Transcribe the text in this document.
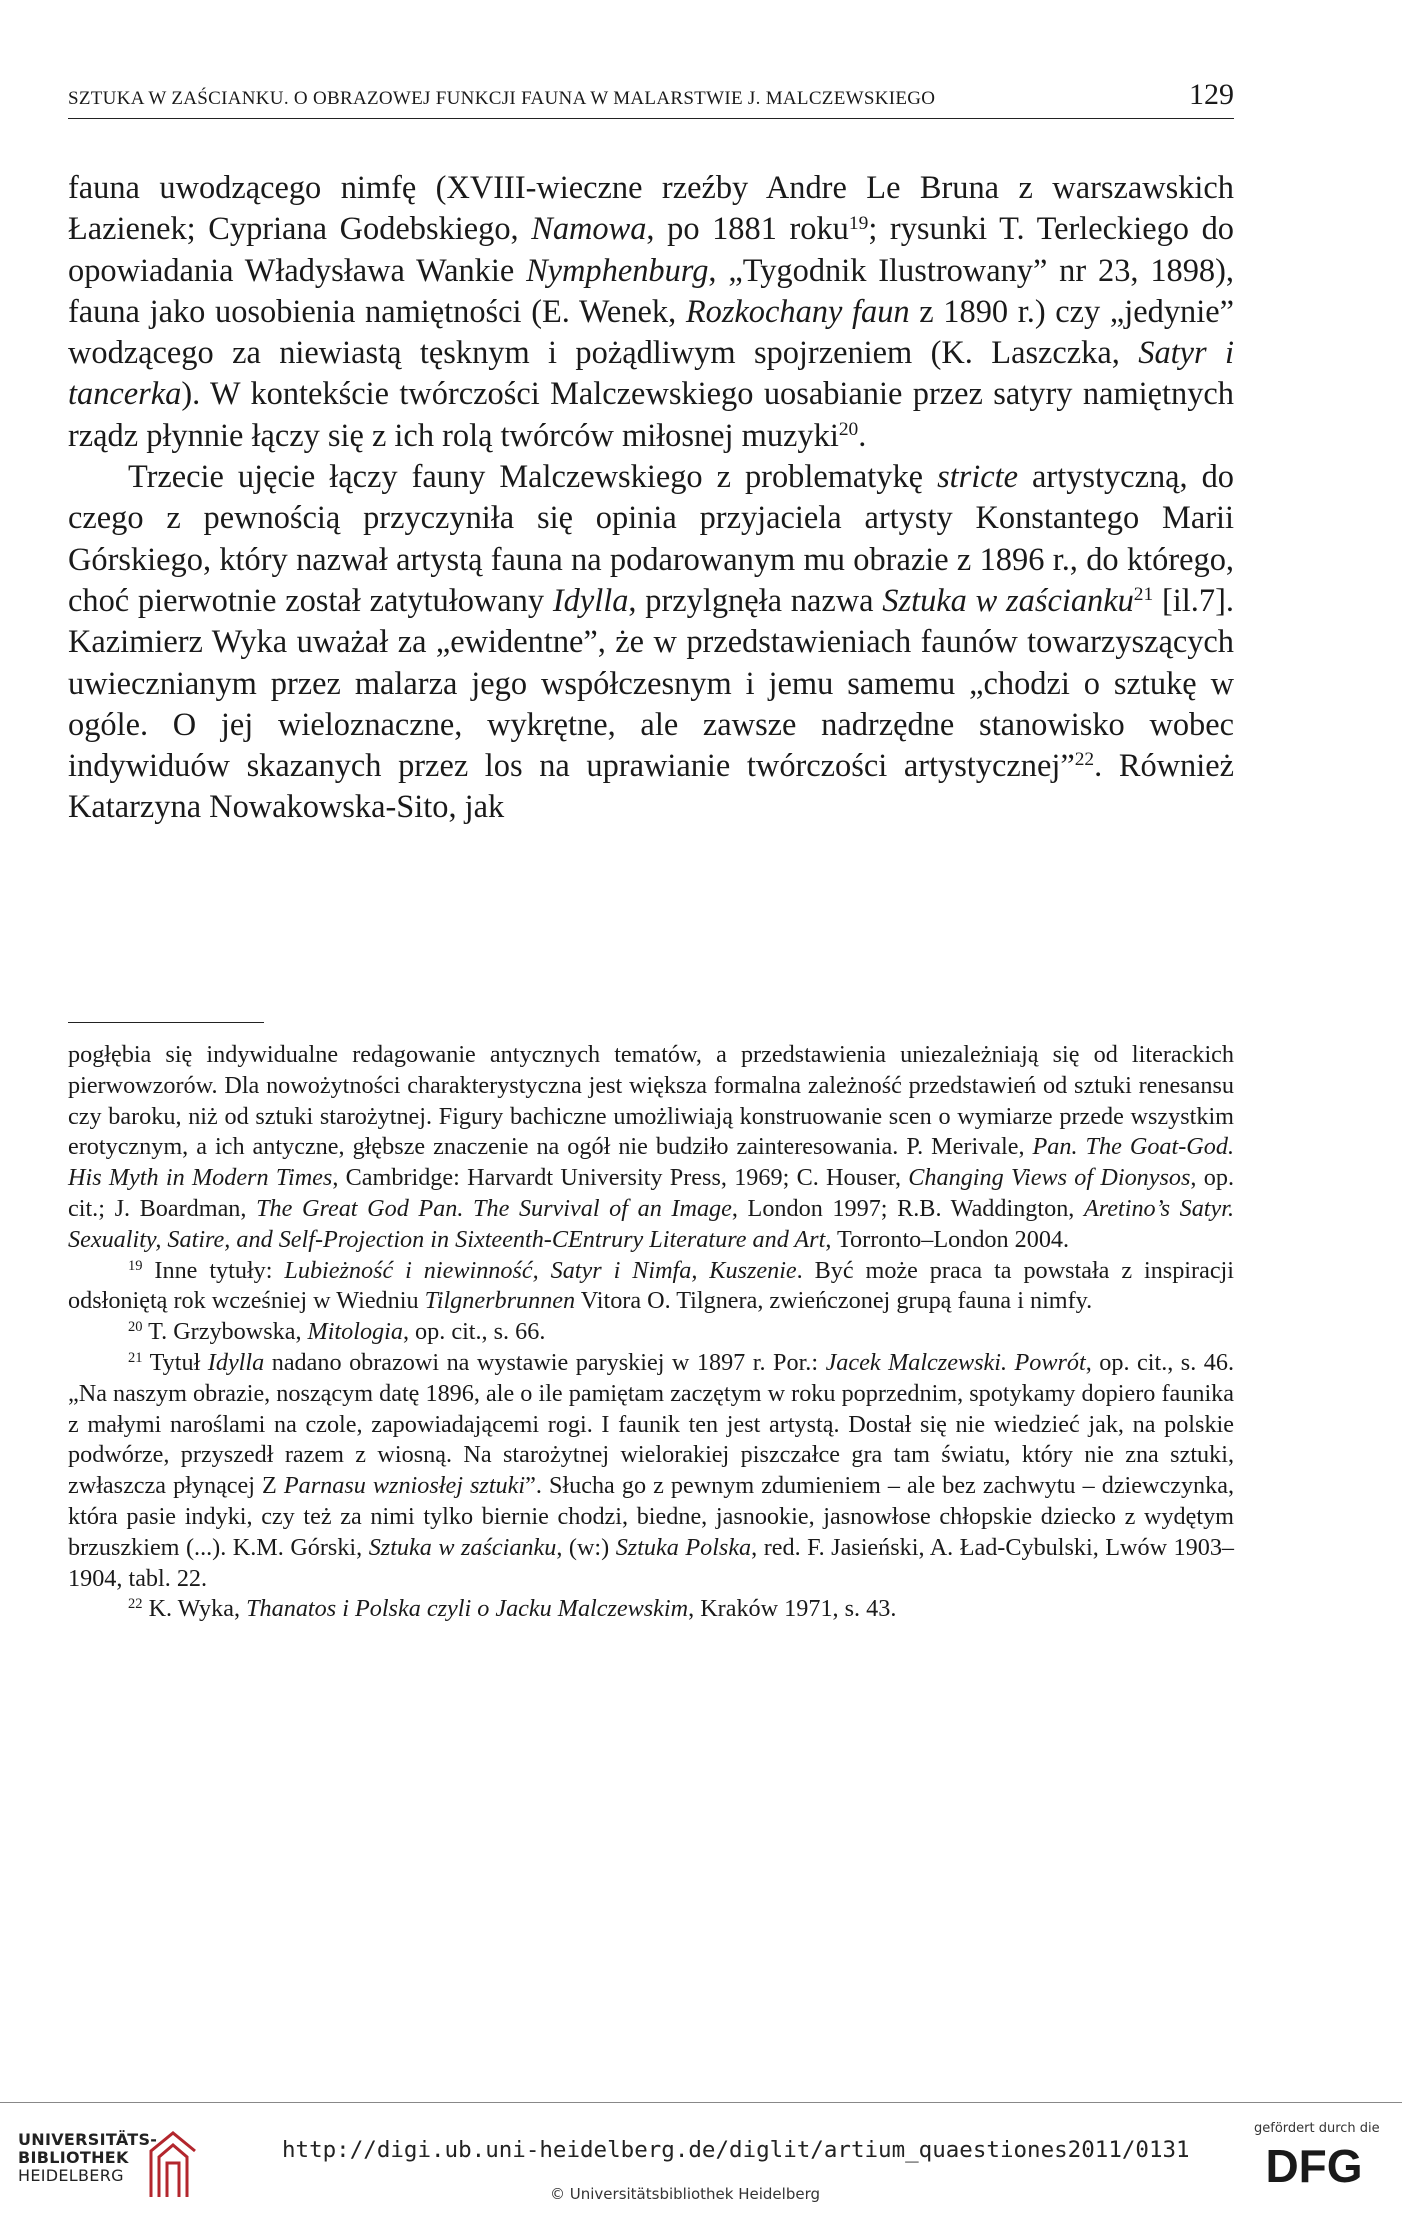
SZTUKA W ZAŚCIANKU. O OBRAZOWEJ FUNKCJI FAUNA W MALARSTWIE J. MALCZEWSKIEGO	129

fauna uwodzącego nimfę (XVIII-wieczne rzeźby Andre Le Bruna z warszawskich Łazienek; Cypriana Godebskiego, Namowa, po 1881 roku$^{19}$; rysunki T. Terleckiego do opowiadania Władysława Wankie Nymphenburg, „Tygodnik Ilustrowany” nr 23, 1898), fauna jako uosobienia namiętności (E. Wenek, Rozkochany faun z 1890 r.) czy „jedynie” wodzącego za niewiastą tęsknym i pożądliwym spojrzeniem (K. Laszczka, Satyr i tancerka). W kontekście twórczości Malczewskiego uosabianie przez satyry namiętnych rządz płynnie łączy się z ich rolą twórców miłosnej muzyki$^{20}$.

Trzecie ujęcie łączy fauny Malczewskiego z problematykę stricte artystyczną, do czego z pewnością przyczyniła się opinia przyjaciela artysty Konstantego Marii Górskiego, który nazwał artystą fauna na podarowanym mu obrazie z 1896 r., do którego, choć pierwotnie został zatytułowany Idylla, przylgnęła nazwa Sztuka w zaścianku$^{21}$ [il.7]. Kazimierz Wyka uważał za „ewidentne”, że w przedstawieniach faunów towarzyszących uwiecznianym przez malarza jego współczesnym i jemu samemu „chodzi o sztukę w ogóle. O jej wieloznaczne, wykrętne, ale zawsze nadrzędne stanowisko wobec indywiduów skazanych przez los na uprawianie twórczości artystycznej”$^{22}$. Również Katarzyna Nowakowska-Sito, jak

pogłębia się indywidualne redagowanie antycznych tematów, a przedstawienia uniezależniają się od literackich pierwowzorów. Dla nowożytności charakterystyczna jest większa formalna zależność przedstawień od sztuki renesansu czy baroku, niż od sztuki starożytnej. Figury bachiczne umożliwiają konstruowanie scen o wymiarze przede wszystkim erotycznym, a ich antyczne, głębsze znaczenie na ogół nie budziło zainteresowania. P. Merivale, Pan. The Goat-God. His Myth in Modern Times, Cambridge: Harvardt University Press, 1969; C. Houser, Changing Views of Dionysos, op. cit.; J. Boardman, The Great God Pan. The Survival of an Image, London 1997; R.B. Waddington, Aretino’s Satyr. Sexuality, Satire, and Self-Projection in Sixteenth-CEntrury Literature and Art, Torronto–London 2004.

$^{19}$ Inne tytuły: Lubieżność i niewinność, Satyr i Nimfa, Kuszenie. Być może praca ta powstała z inspiracji odsłoniętą rok wcześniej w Wiedniu Tilgnerbrunnen Vitora O. Tilgnera, zwieńczonej grupą fauna i nimfy.

$^{20}$ T. Grzybowska, Mitologia, op. cit., s. 66.

$^{21}$ Tytuł Idylla nadano obrazowi na wystawie paryskiej w 1897 r. Por.: Jacek Malczewski. Powrót, op. cit., s. 46. „Na naszym obrazie, noszącym datę 1896, ale o ile pamiętam zaczętym w roku poprzednim, spotykamy dopiero faunika z małymi naroślami na czole, zapowiadającemi rogi. I faunik ten jest artystą. Dostał się nie wiedzieć jak, na polskie podwórze, przyszedł razem z wiosną. Na starożytnej wielorakiej piszczałce gra tam światu, który nie zna sztuki, zwłaszcza płynącej Z Parnasu wzniosłej sztuki”. Słucha go z pewnym zdumieniem – ale bez zachwytu – dziewczynka, która pasie indyki, czy też za nimi tylko biernie chodzi, biedne, jasnookie, jasnowłose chłopskie dziecko z wydętym brzuszkiem (...). K.M. Górski, Sztuka w zaścianku, (w:) Sztuka Polska, red. F. Jasieński, A. Ład-Cybulski, Lwów 1903–1904, tabl. 22.

$^{22}$ K. Wyka, Thanatos i Polska czyli o Jacku Malczewskim, Kraków 1971, s. 43.

UNIVERSITÄTS-
BIBLIOTHEK
HEIDELBERG
http://digi.ub.uni-heidelberg.de/diglit/artium_quaestiones2011/0131
© Universitätsbibliothek Heidelberg
gefördert durch die
DFG
